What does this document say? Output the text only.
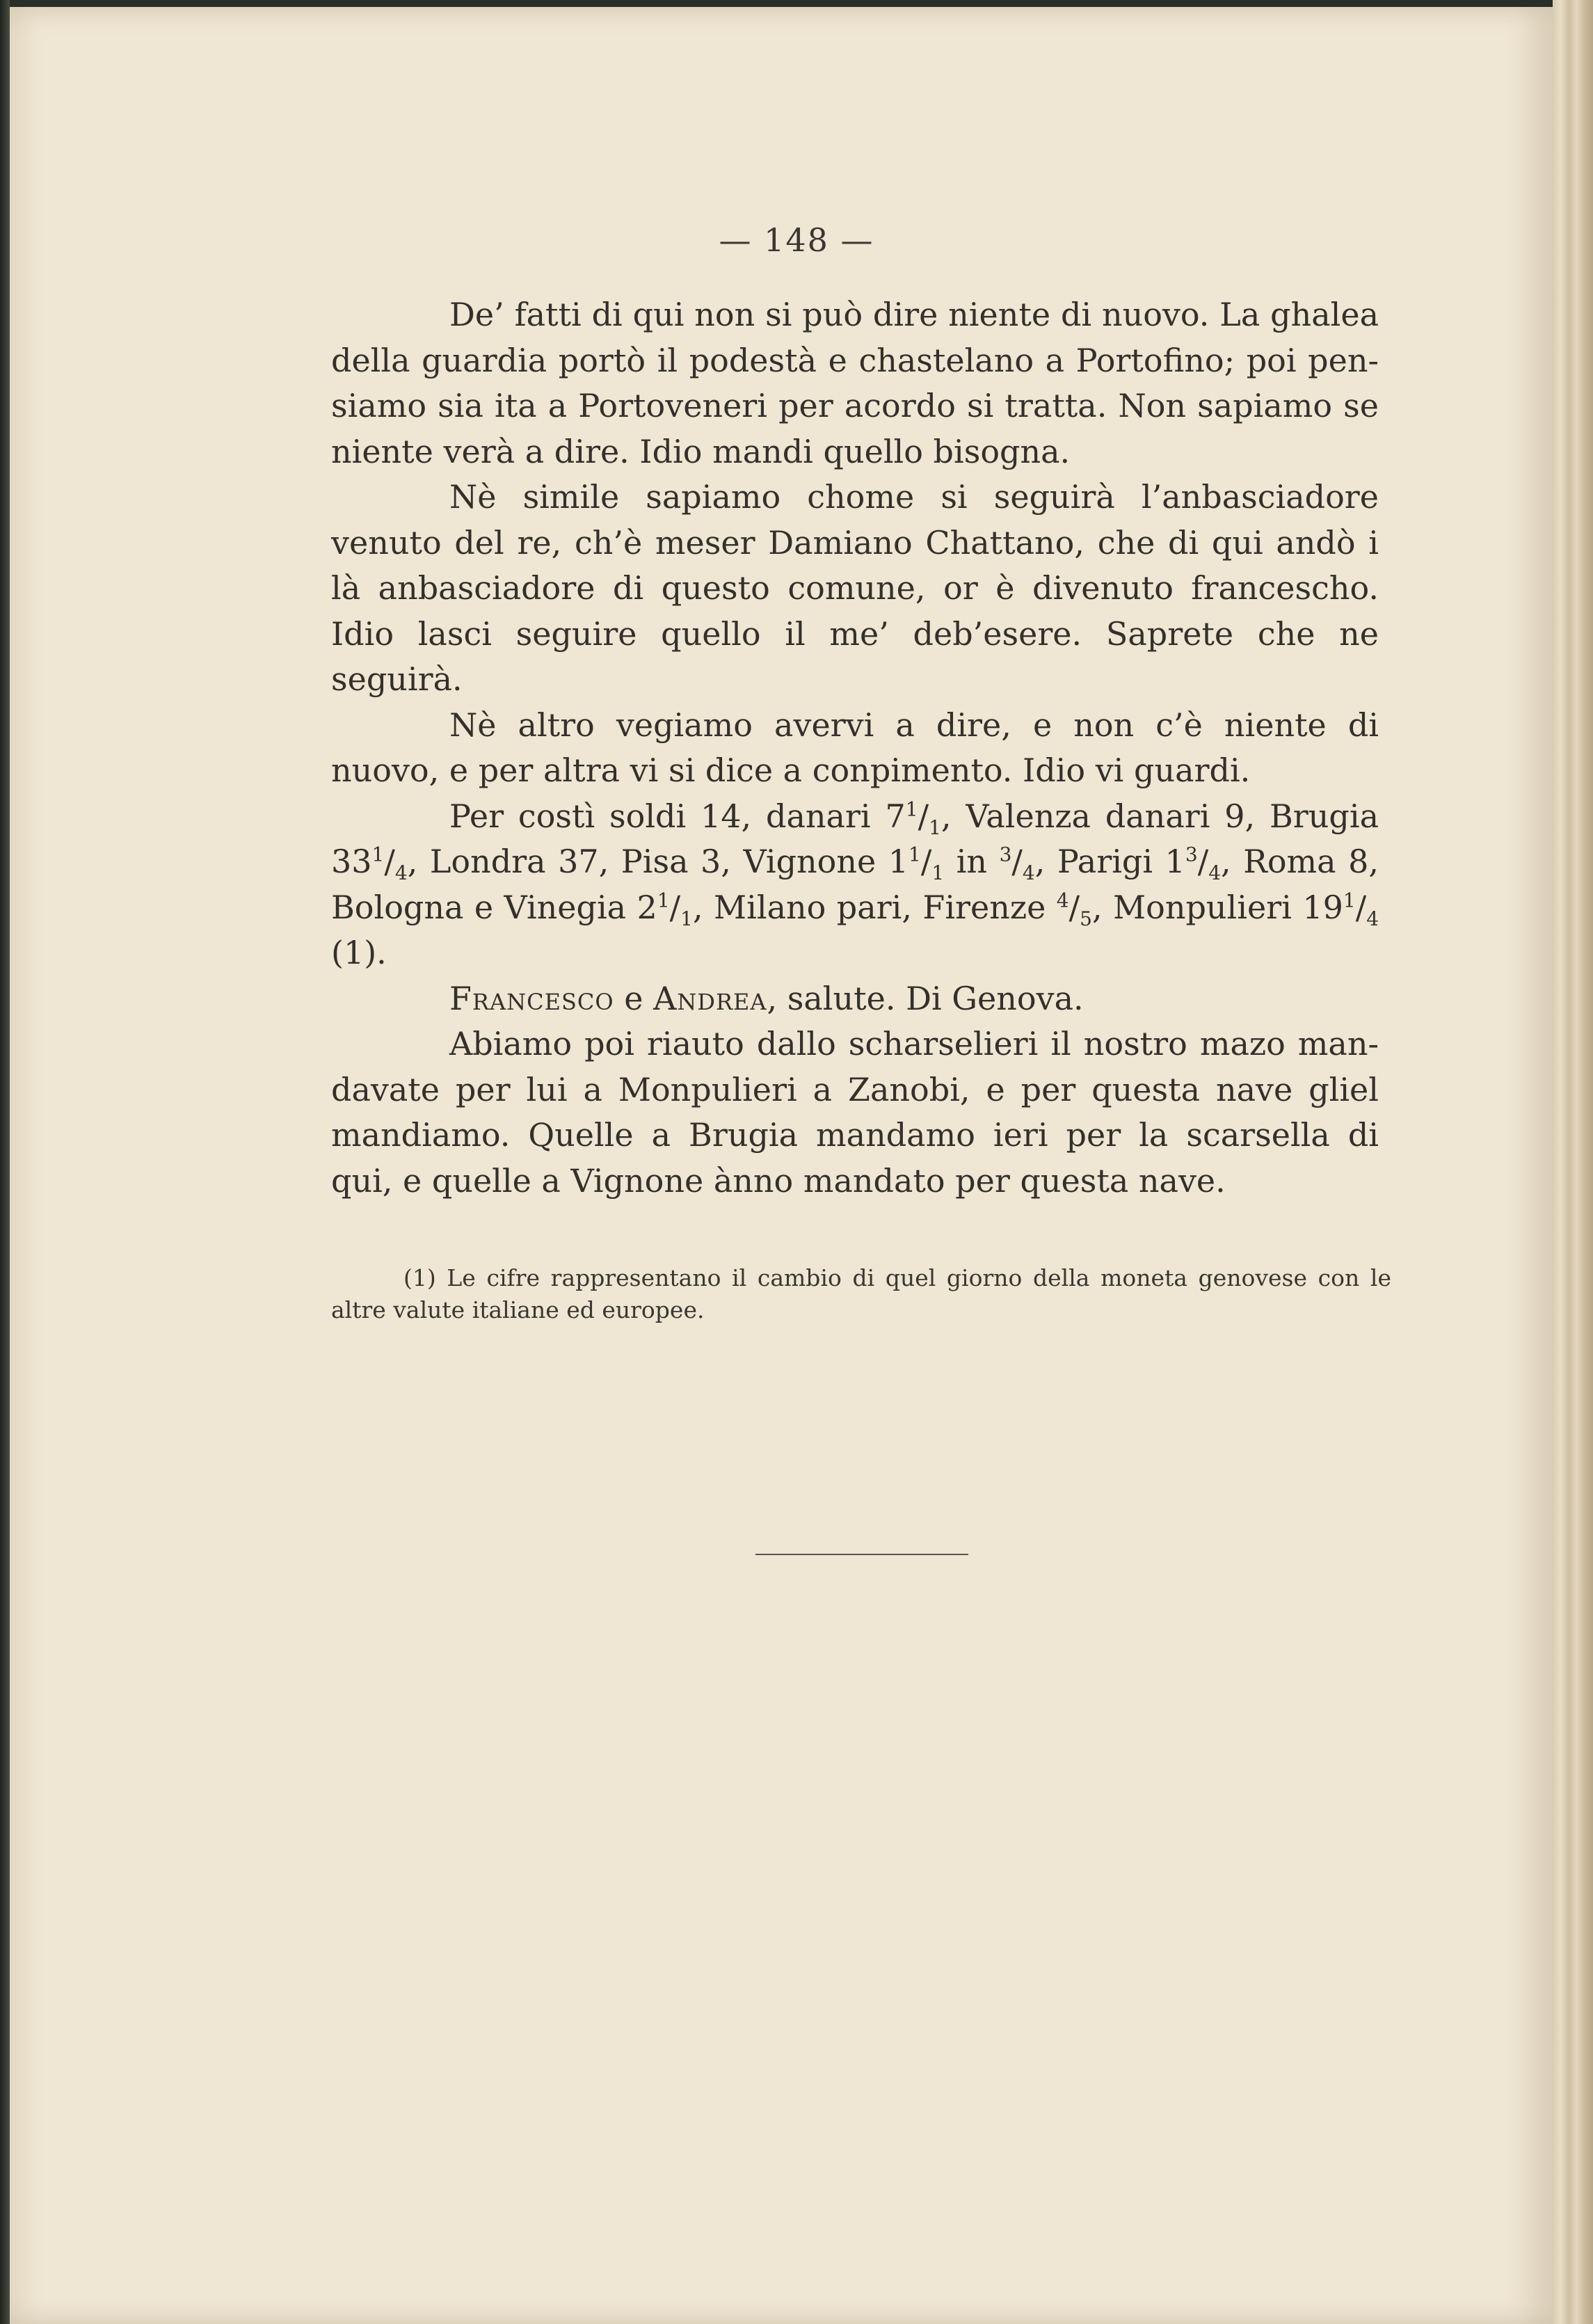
— 148 —

De’ fatti di qui non si può dire niente di nuovo. La ghalea della guardia portò il podestà e chastelano a Portofino; poi pensiamo sia ita a Portoveneri per acordo si tratta. Non sapiamo se niente verà a dire. Idio mandi quello bisogna.

Nè simile sapiamo chome si seguirà l’anbasciadore venuto del re, ch’è meser Damiano Chattano, che di qui andò i là anbasciadore di questo comune, or è divenuto francescho. Idio lasci seguire quello il me’ deb’esere. Saprete che ne seguirà.

Nè altro vegiamo avervi a dire, e non c’è niente di nuovo, e per altra vi si dice a conpimento. Idio vi guardi.

Per costì soldi 14, danari $7^1/_1$, Valenza danari 9, Brugia $33^1/_4$, Londra 37, Pisa 3, Vignone $1^1/_1$ in $^3/_4$, Parigi $1^3/_4$, Roma 8, Bologna e Vinegia $2^1/_1$, Milano pari, Firenze $^4/_5$, Monpulieri $19^1/_4$ (1).

Francesco e Andrea, salute. Di Genova.

Abiamo poi riauto dallo scharselieri il nostro mazo mandavate per lui a Monpulieri a Zanobi, e per questa nave gliel mandiamo. Quelle a Brugia mandamo ieri per la scarsella di qui, e quelle a Vignone ànno mandato per questa nave.

(1) Le cifre rappresentano il cambio di quel giorno della moneta genovese con le altre valute italiane ed europee.
